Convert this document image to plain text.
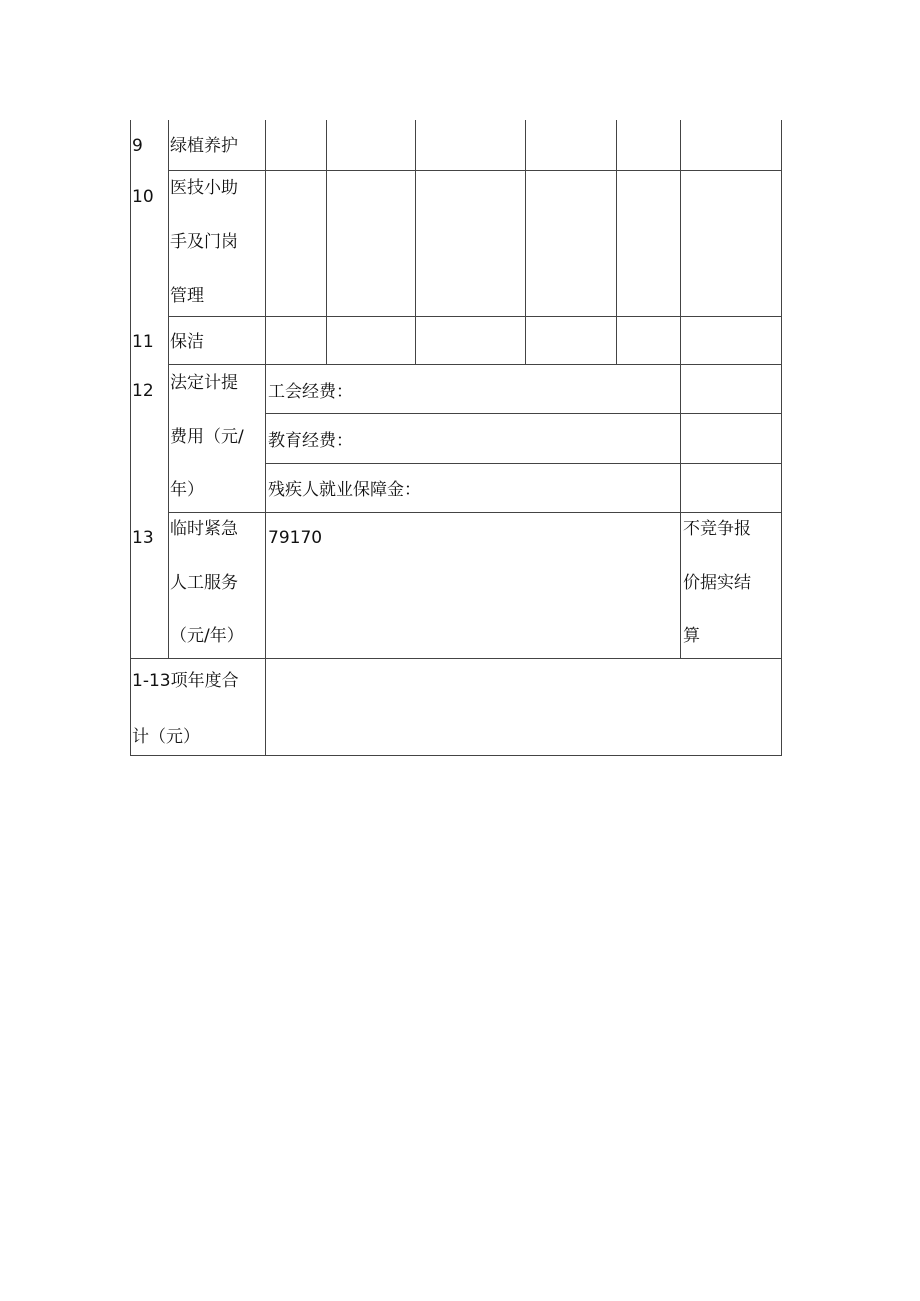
9 绿植养护
10 医技小助
手及门岗
管理
11 保洁
12 法定计提
费用（元/
年）
工会经费：
教育经费：
残疾人就业保障金：
13 临时紧急
人工服务
（元/年）
79170	不竞争报
价据实结
算
1-13项年度合
计（元）
